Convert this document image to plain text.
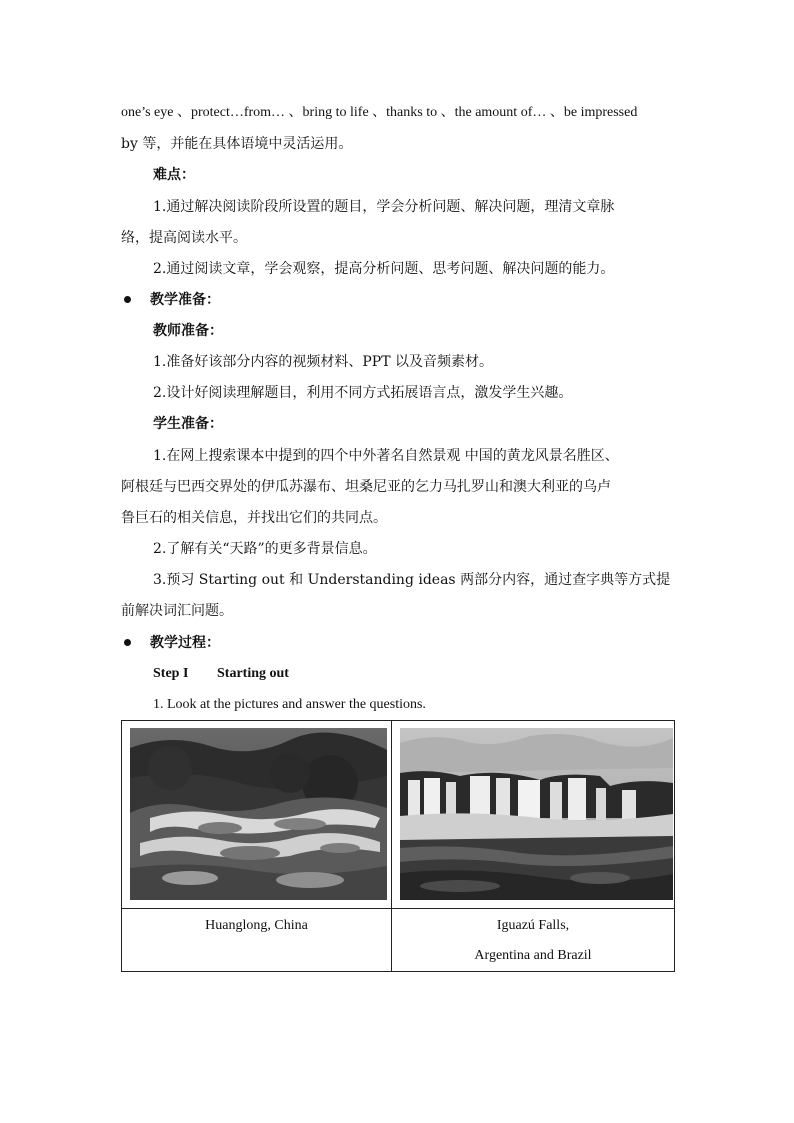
one’s eye 、protect…from… 、bring to life 、thanks to 、the amount of… 、be impressed
by 等，并能在具体语境中灵活运用。
难点：
1.通过解决阅读阶段所设置的题目，学会分析问题、解决问题，理清文章脉
络，提高阅读水平。
2.通过阅读文章，学会观察，提高分析问题、思考问题、解决问题的能力。
教学准备：
教师准备：
1.准备好该部分内容的视频材料、PPT 以及音频素材。
2.设计好阅读理解题目，利用不同方式拓展语言点，激发学生兴趣。
学生准备：
1.在网上搜索课本中提到的四个中外著名自然景观 中国的黄龙风景名胜区、
阿根廷与巴西交界处的伊瓜苏瀑布、坦桑尼亚的乞力马扎罗山和澳大利亚的乌卢
鲁巨石的相关信息，并找出它们的共同点。
2.了解有关“天路”的更多背景信息。
3.预习 Starting out 和 Understanding ideas 两部分内容，通过查字典等方式提
前解决词汇问题。
教学过程：
Step I Starting out
1. Look at the pictures and answer the questions.

Huanglong, China	Iguazú Falls,
Argentina and Brazil
